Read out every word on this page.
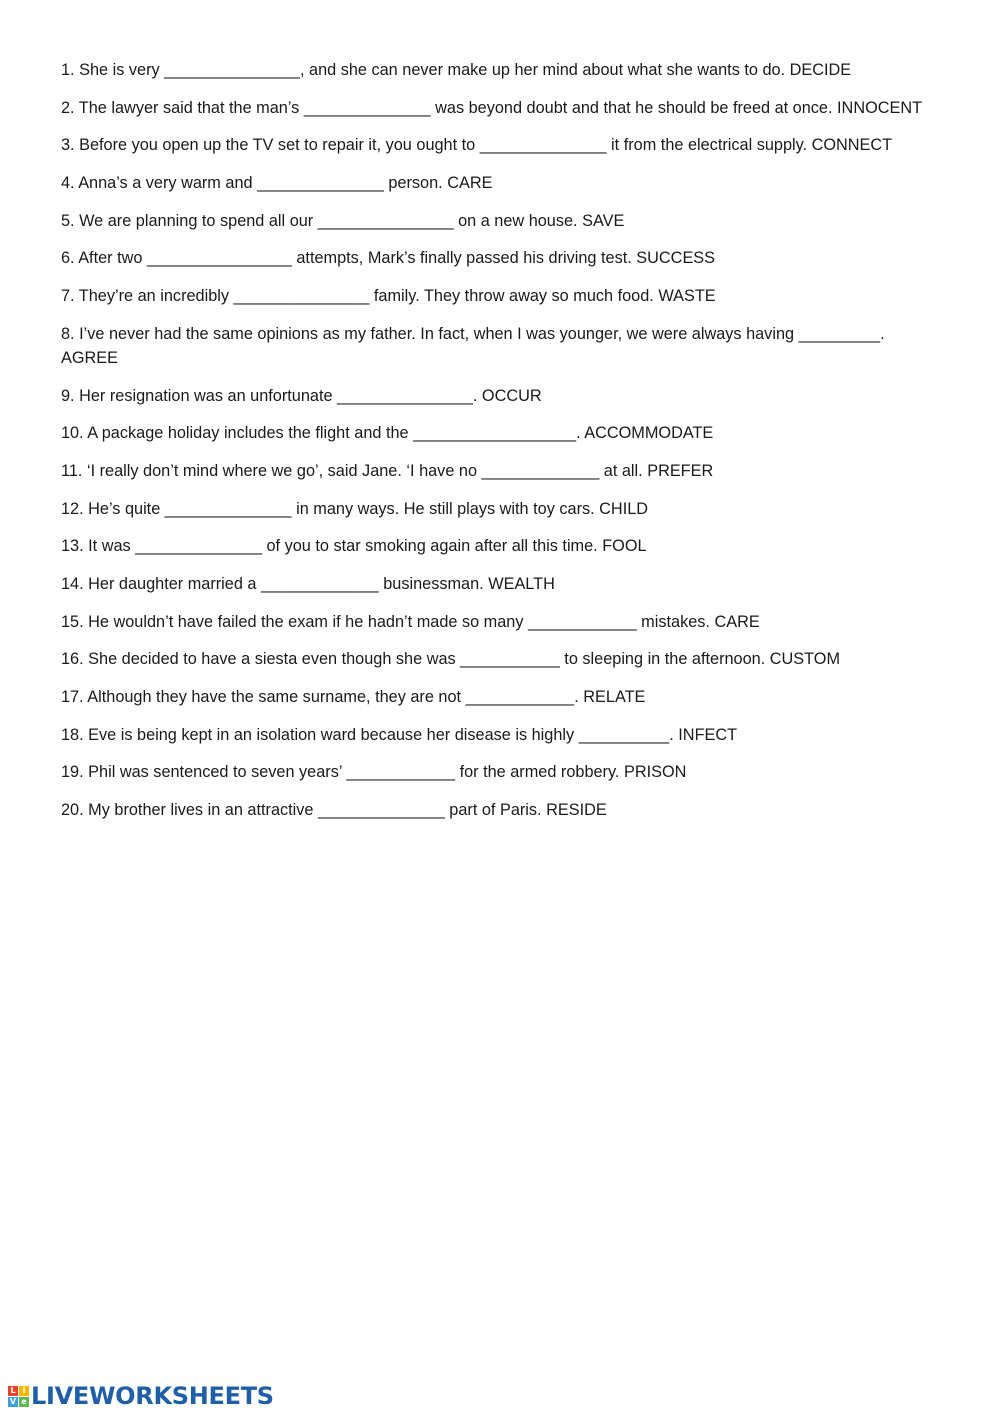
1. She is very _______________, and she can never make up her mind about what she wants to do. DECIDE

2. The lawyer said that the man’s ______________ was beyond doubt and that he should be freed at once. INNOCENT

3. Before you open up the TV set to repair it, you ought to ______________ it from the electrical supply. CONNECT

4. Anna’s a very warm and ______________ person. CARE

5. We are planning to spend all our _______________ on a new house. SAVE

6. After two ________________ attempts, Mark’s finally passed his driving test. SUCCESS

7. They’re an incredibly _______________ family. They throw away so much food. WASTE

8. I’ve never had the same opinions as my father. In fact, when I was younger, we were always having _________. AGREE

9. Her resignation was an unfortunate _______________. OCCUR

10. A package holiday includes the flight and the __________________. ACCOMMODATE

11. ‘I really don’t mind where we go’, said Jane. ‘I have no _____________ at all. PREFER

12. He’s quite ______________ in many ways. He still plays with toy cars. CHILD

13. It was ______________ of you to star smoking again after all this time. FOOL

14. Her daughter married a _____________ businessman. WEALTH

15. He wouldn’t have failed the exam if he hadn’t made so many ____________ mistakes. CARE

16. She decided to have a siesta even though she was ___________ to sleeping in the afternoon. CUSTOM

17. Although they have the same surname, they are not ____________. RELATE

18. Eve is being kept in an isolation ward because her disease is highly __________. INFECT

19. Phil was sentenced to seven years’ ____________ for the armed robbery. PRISON

20. My brother lives in an attractive ______________ part of Paris. RESIDE

L i
V e LIVEWORKSHEETS
